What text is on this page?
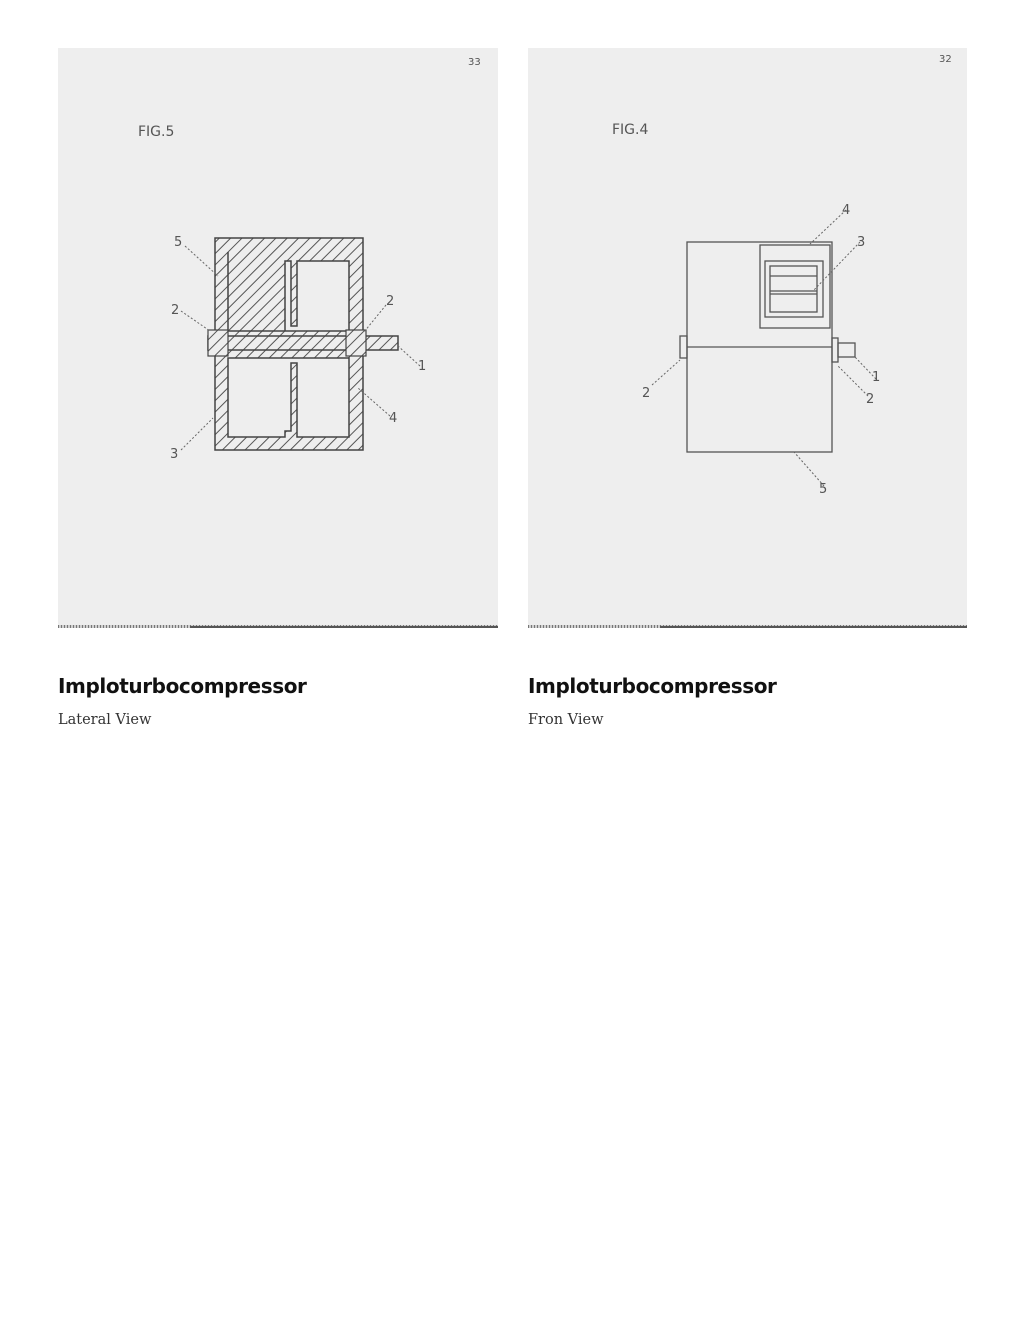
33
FIG.5
5
2
2
1
4
3
Imploturbocompressor

Lateral View

32
FIG.4
4
3
2
1
2
5
Imploturbocompressor

Fron View
